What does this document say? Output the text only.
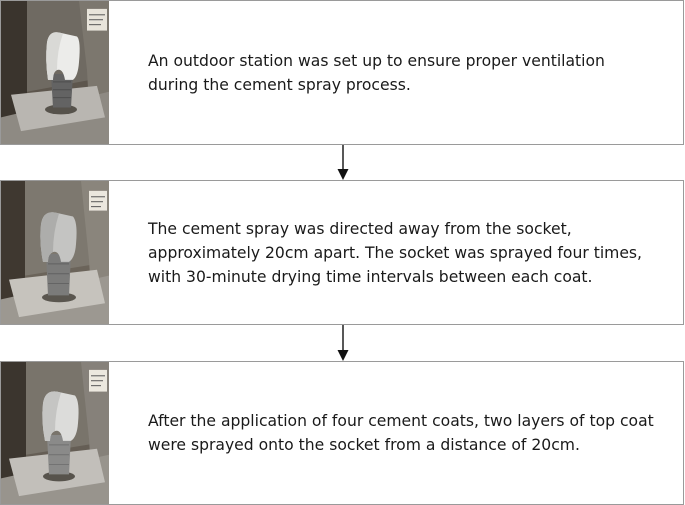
An outdoor station was set up to ensure proper ventilation
during the cement spray process.

The cement spray was directed away from the socket,
approximately 20cm apart. The socket was sprayed four times,
with 30-minute drying time intervals between each coat.

After the application of four cement coats, two layers of top coat
were sprayed onto the socket from a distance of 20cm.
